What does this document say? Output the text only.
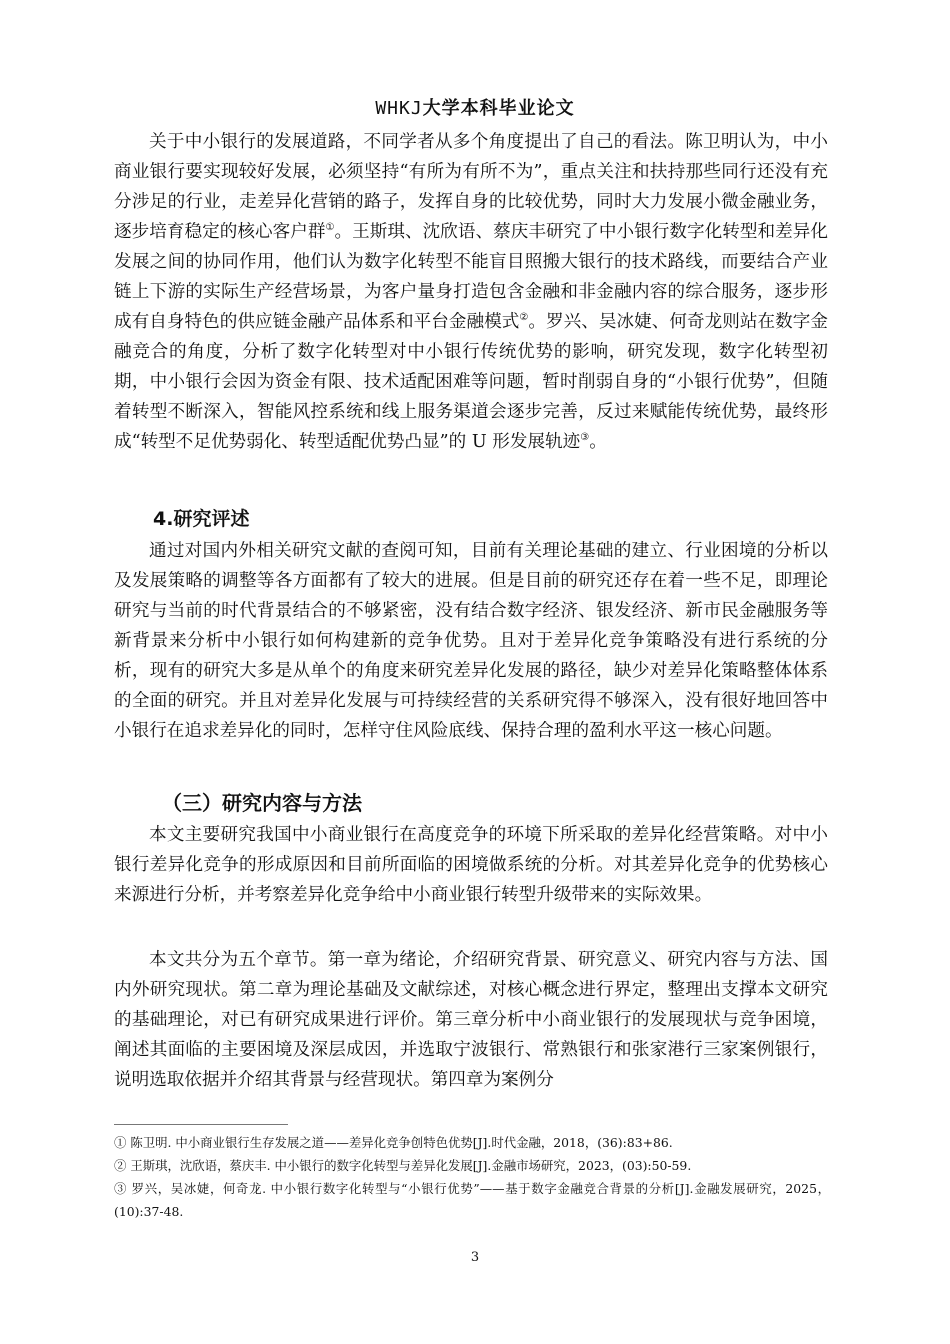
WHKJ大学本科毕业论文

关于中小银行的发展道路，不同学者从多个角度提出了自己的看法。陈卫明认为，中小商业银行要实现较好发展，必须坚持“有所为有所不为”，重点关注和扶持那些同行还没有充分涉足的行业，走差异化营销的路子，发挥自身的比较优势，同时大力发展小微金融业务，逐步培育稳定的核心客户群①。王斯琪、沈欣语、蔡庆丰研究了中小银行数字化转型和差异化发展之间的协同作用，他们认为数字化转型不能盲目照搬大银行的技术路线，而要结合产业链上下游的实际生产经营场景，为客户量身打造包含金融和非金融内容的综合服务，逐步形成有自身特色的供应链金融产品体系和平台金融模式②。罗兴、吴冰婕、何奇龙则站在数字金融竞合的角度，分析了数字化转型对中小银行传统优势的影响，研究发现，数字化转型初期，中小银行会因为资金有限、技术适配困难等问题，暂时削弱自身的“小银行优势”，但随着转型不断深入，智能风控系统和线上服务渠道会逐步完善，反过来赋能传统优势，最终形成“转型不足优势弱化、转型适配优势凸显”的 U 形发展轨迹③。

4.研究评述

通过对国内外相关研究文献的查阅可知，目前有关理论基础的建立、行业困境的分析以及发展策略的调整等各方面都有了较大的进展。但是目前的研究还存在着一些不足，即理论研究与当前的时代背景结合的不够紧密，没有结合数字经济、银发经济、新市民金融服务等新背景来分析中小银行如何构建新的竞争优势。且对于差异化竞争策略没有进行系统的分析，现有的研究大多是从单个的角度来研究差异化发展的路径，缺少对差异化策略整体体系的全面的研究。并且对差异化发展与可持续经营的关系研究得不够深入，没有很好地回答中小银行在追求差异化的同时，怎样守住风险底线、保持合理的盈利水平这一核心问题。

（三）研究内容与方法

本文主要研究我国中小商业银行在高度竞争的环境下所采取的差异化经营策略。对中小银行差异化竞争的形成原因和目前所面临的困境做系统的分析。对其差异化竞争的优势核心来源进行分析，并考察差异化竞争给中小商业银行转型升级带来的实际效果。

本文共分为五个章节。第一章为绪论，介绍研究背景、研究意义、研究内容与方法、国内外研究现状。第二章为理论基础及文献综述，对核心概念进行界定，整理出支撑本文研究的基础理论，对已有研究成果进行评价。第三章分析中小商业银行的发展现状与竞争困境，阐述其面临的主要困境及深层成因，并选取宁波银行、常熟银行和张家港行三家案例银行，说明选取依据并介绍其背景与经营现状。第四章为案例分

① 陈卫明. 中小商业银行生存发展之道——差异化竞争创特色优势[J].时代金融，2018，(36):83+86.
② 王斯琪，沈欣语，蔡庆丰. 中小银行的数字化转型与差异化发展[J].金融市场研究，2023，(03):50-59.
③ 罗兴，吴冰婕，何奇龙. 中小银行数字化转型与“小银行优势”——基于数字金融竞合背景的分析[J].金融发展研究，2025，(10):37-48.
3
